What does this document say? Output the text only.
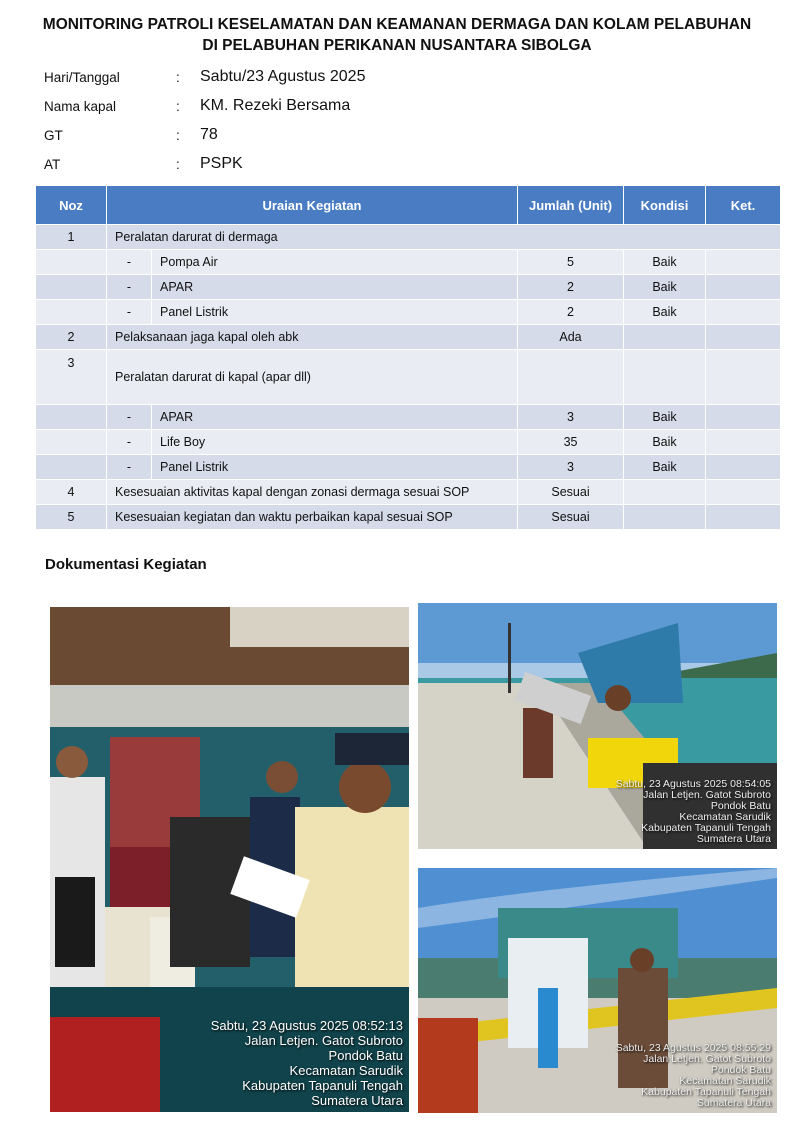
MONITORING PATROLI KESELAMATAN DAN KEAMANAN DERMAGA DAN KOLAM PELABUHAN
DI PELABUHAN PERIKANAN NUSANTARA SIBOLGA
Hari/Tanggal	: Sabtu/23 Agustus 2025
Nama kapal	: KM. Rezeki Bersama
GT	: 78
AT	: PSPK
Noz	Uraian Kegiatan		Jumlah (Unit)	Kondisi	Ket.
1	Peralatan darurat di dermaga				
	-	Pompa Air	5	Baik	
	-	APAR	2	Baik	
	-	Panel Listrik	2	Baik	
2	Pelaksanaan jaga kapal oleh abk		Ada		
3	Peralatan darurat di kapal (apar dll)				
	-	APAR	3	Baik	
	-	Life Boy	35	Baik	
	-	Panel Listrik	3	Baik	
4	Kesesuaian aktivitas kapal dengan zonasi dermaga sesuai SOP		Sesuai		
5	Kesesuaian kegiatan dan waktu perbaikan kapal sesuai SOP		Sesuai		
Dokumentasi Kegiatan
Sabtu, 23 Agustus 2025 08:52:13
Jalan Letjen. Gatot Subroto
Pondok Batu
Kecamatan Sarudik
Kabupaten Tapanuli Tengah
Sumatera Utara
Sabtu, 23 Agustus 2025 08:54:05
Jalan Letjen. Gatot Subroto
Pondok Batu
Kecamatan Sarudik
Kabupaten Tapanuli Tengah
Sumatera Utara
Sabtu, 23 Agustus 2025 08:55:29
Jalan Letjen. Gatot Subroto
Pondok Batu
Kecamatan Sarudik
Kabupaten Tapanuli Tengah
Sumatera Utara
